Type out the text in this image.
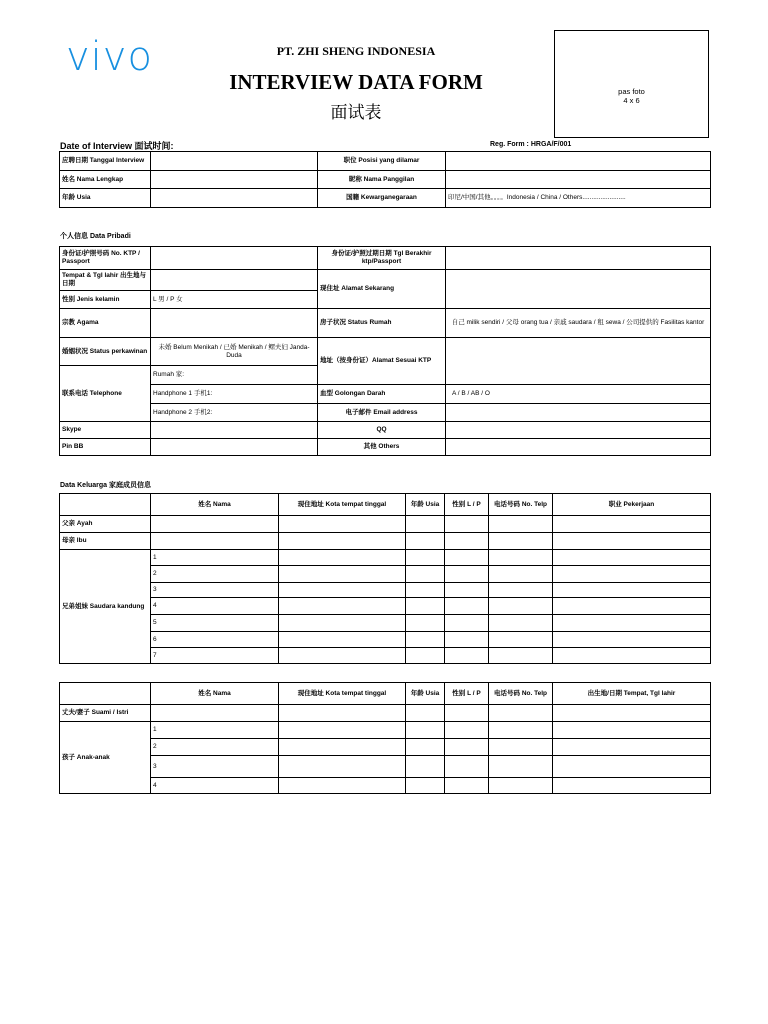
vivo	PT. ZHI SHENG INDONESIA
INTERVIEW DATA FORM
面试表
pas foto
4 x 6
Date of Interview 面试时间:	Reg. Form : HRGA/F/001
应聘日期 Tanggal Interview		职位 Posisi yang dilamar	
姓名 Nama Lengkap		昵称 Nama Panggilan	
年龄 Usia		国籍 Kewarganegaraan	印尼/中国/其他。。。。Indonesia / China / Others........................
个人信息 Data Pribadi
身份证/护照号码 No. KTP / Passport		身份证/护照过期日期 Tgl Berakhir ktp/Passport	
Tempat & Tgl lahir 出生地与日期		现住址 Alamat Sekarang	
性别 Jenis kelamin	L 男 / P 女		
宗教 Agama		房子状况 Status Rumah	自己 milik sendiri / 父母 orang tua / 亲戚 saudara / 租 sewa / 公司提供的 Fasilitas kantor
婚姻状况 Status perkawinan	未婚 Belum Menikah / 已婚 Menikah / 鳏夫妇 Janda-Duda	地址（按身份证）Alamat Sesuai KTP	
联系电话 Telephone	Rumah 家:		
	Handphone 1 手机1:	血型 Golongan Darah	A / B / AB / O
	Handphone 2 手机2:	电子邮件 Email address	
Skype		QQ	
Pin BB		其他 Others	
Data Keluarga 家庭成员信息
	姓名 Nama	现住地址 Kota tempat tinggal	年龄 Usia	性别 L / P	电话号码 No. Telp	职业 Pekerjaan
父亲 Ayah						
母亲 Ibu						
兄弟姐妹 Saudara kandung	1					
	2					
	3					
	4					
	5					
	6					
	7					
	姓名 Nama	现住地址 Kota tempat tinggal	年龄 Usia	性别 L / P	电话号码 No. Telp	出生地/日期 Tempat, Tgl lahir
丈夫/妻子 Suami / Istri						
孩子 Anak-anak	1					
	2					
	3					
	4					
